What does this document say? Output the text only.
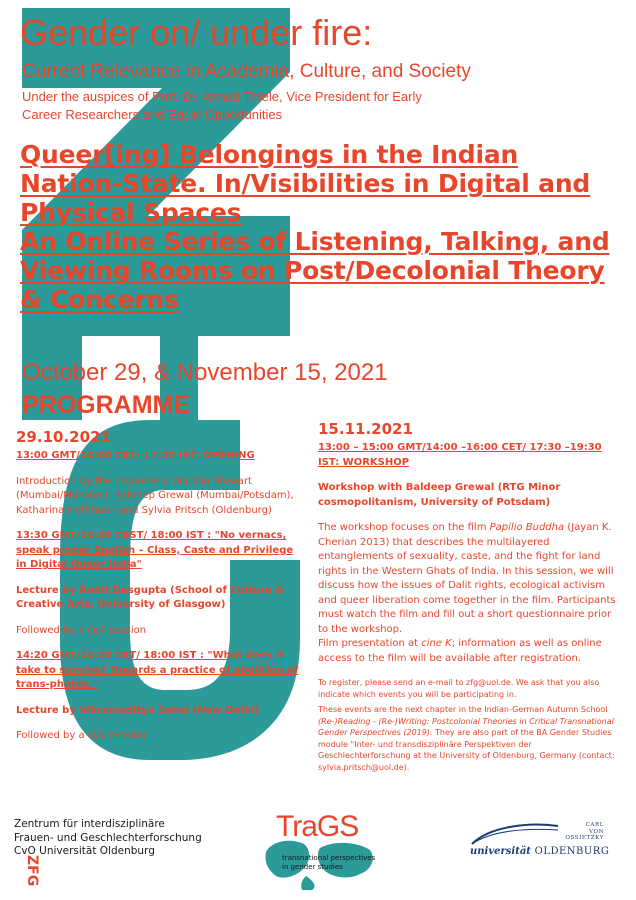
Gender on/ under fire:
Current Relevance in Academia, Culture, and Society
Under the auspices of Prof. Dr. Annett Thiele, Vice President for Early Career Researchers and Equal Opportunities
Queer[ing] Belongings in the Indian
Nation-State. In/Visibilities in Digital and
Physical Spaces
An Online Series of Listening, Talking, and
Viewing Rooms on Post/Decolonial Theory
& Concerns
October 29, & November 15, 2021
PROGRAMME
29.10.2021
13:00 GMT/14:00 CET/ 17:30 IST: OPENING
Introduction by the organizers: Madhia Stewart (Mumbai/Münster), Baldeep Grewal (Mumbai/Potsdam), Katharina Hoffmann and Sylvia Pritsch (Oldenburg)
13:30 GMT/14:30 CEST/ 18:00 IST : "No vernacs, speak proper English – Class, Caste and Privilege in Digital Queer India"
Lecture by Rohit Dasgupta (School of Culture & Creative Arts, University of Glasgow)
Followed by a Q/A session
14:20 GMT/14:20 CET/ 18:00 IST : "What does it take to survive? Towards a practice of abolition of trans-phobia."
Lecture by Vikramaditya Sahai (New Delhi)
Followed by a Q/A session
15.11.2021
13:00 – 15:00 GMT/14:00 –16:00 CET/ 17:30 –19:30 IST: WORKSHOP
Workshop with Baldeep Grewal (RTG Minor cosmopolitanism, University of Potsdam)
The workshop focuses on the film Papilio Buddha (Jayan K. Cherian 2013) that describes the multilayered entanglements of sexuality, caste, and the fight for land rights in the Western Ghats of India. In this session, we will discuss how the issues of Dalit rights, ecological activism and queer liberation come together in the film. Participants must watch the film and fill out a short questionnaire prior to the workshop.
Film presentation at cine K; information as well as online access to the film will be available after registration.
To register, please send an e-mail to zfg@uol.de. We ask that you also indicate which events you will be participating in.
These events are the next chapter in the Indian-German Autumn School (Re-)Reading - (Re-)Writing: Postcolonial Theories in Critical Transnational Gender Perspectives (2019). They are also part of the BA Gender Studies module "Inter- und transdisziplinäre Perspektiven der Geschlechterforschung at the University of Oldenburg, Germany (contact: sylvia.pritsch@uol.de).
Zentrum für interdisziplinäre
Frauen- und Geschlechterforschung
CvO Universität Oldenburg
ZFG
TraGS
transnational perspectives
in gender studies
CARL
VON
OSSIETZKY
universität OLDENBURG
